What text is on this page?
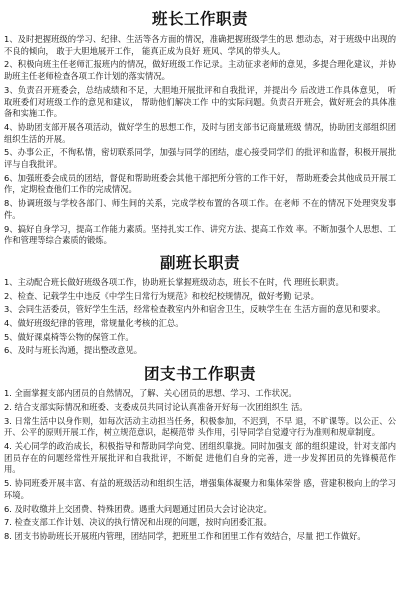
班长工作职责

1、及时把握班级的学习、纪律、生活等各方面的情况，准确把握班级学生的思 想动态，对于班级中出现的不良的倾向， 敢于大胆地展开工作， 能真正成为良好 班风、学风的带头人。

2、积极向班主任老师汇报班内的情况，做好班级工作记录。主动征求老师的意见，多提合理化建议，并协助班主任老师检查各项工作计划的落实情况。

3、负责召开班委会，总结成绩和不足，大胆地开展批评和自我批评，并提出今 后改进工作具体意见， 听取班委们对班级工作的意见和建议， 帮助他们解决工作 中的实际问题。负责召开班会，做好班会的具体准备和实施工作。

4、协助团支部开展各项活动，做好学生的思想工作，及时与团支部书记商量班级 情况，协助团支部组织团组织生活的开展。

5、办事公正，不徇私情，密切联系同学，加强与同学的团结，虚心接受同学们 的批评和监督，积极开展批评与自我批评。

6、加强班委会成员的团结，督促和帮助班委会其他干部把所分管的工作干好， 帮助班委会其他成员开展工作，定期检查他们工作的完成情况。

8、协调班级与学校各部门、师生间的关系，完成学校布置的各项工作。在老师 不在的情况下处理突发事件。

9、搞好自身学习，提高工作能力素质。坚持扎实工作、讲究方法、提高工作效 率。不断加强个人思想、工作和管理等综合素质的锻炼。

副班长职责

1、主动配合班长做好班级各项工作，协助班长掌握班级动态，班长不在时，代 理班长职责。

2、检查、记载学生中违反《中学生日常行为规范》和校纪校规情况，做好考勤 记录。

3、会同生活委员，管好学生生活，经常检查教室内外和宿舍卫生，反映学生在 生活方面的意见和要求。

4、做好班级纪律的管理，常规量化考核的汇总。

5、做好课桌椅等公物的保管工作。

6、及时与班长沟通，提出整改意见。

团支书工作职责

1. 全面掌握支部内团员的自然情况，了解、关心团员的思想、学习、工作状况。

2. 结合支部实际情况和班委、支委成员共同讨论认真准备开好每一次团组织生 活。

3. 日常生活中以身作则，如每次活动主动担当任务，积极参加，不迟到，不早 退，不旷课等。以公正、公开、公平的原则开展工作，树立规范意识，起模范带 头作用，引导同学自觉遵守行为准则和规章制度。

4. 关心同学的政治成长，积极指导和帮助同学向党、团组织靠拢。同时加强支 部的组织建设，针对支部内团员存在的问题经常性开展批评和自我批评，不断促 进他们自身的完善，进一步发挥团员的先锋模范作用。

5. 协同班委开展丰富、有益的班级活动和组织生活，增强集体凝聚力和集体荣誉 感，营建积极向上的学习环境。

6. 及时收缴并上交团费、特殊团费。遇重大问题通过团员大会讨论决定。

7. 检查支部工作计划、决议的执行情况和出现的问题，按时向团委汇报。

8. 团支书协助班长开展班内管理，团结同学，把班里工作和团里工作有效结合，尽量 把工作做好。
